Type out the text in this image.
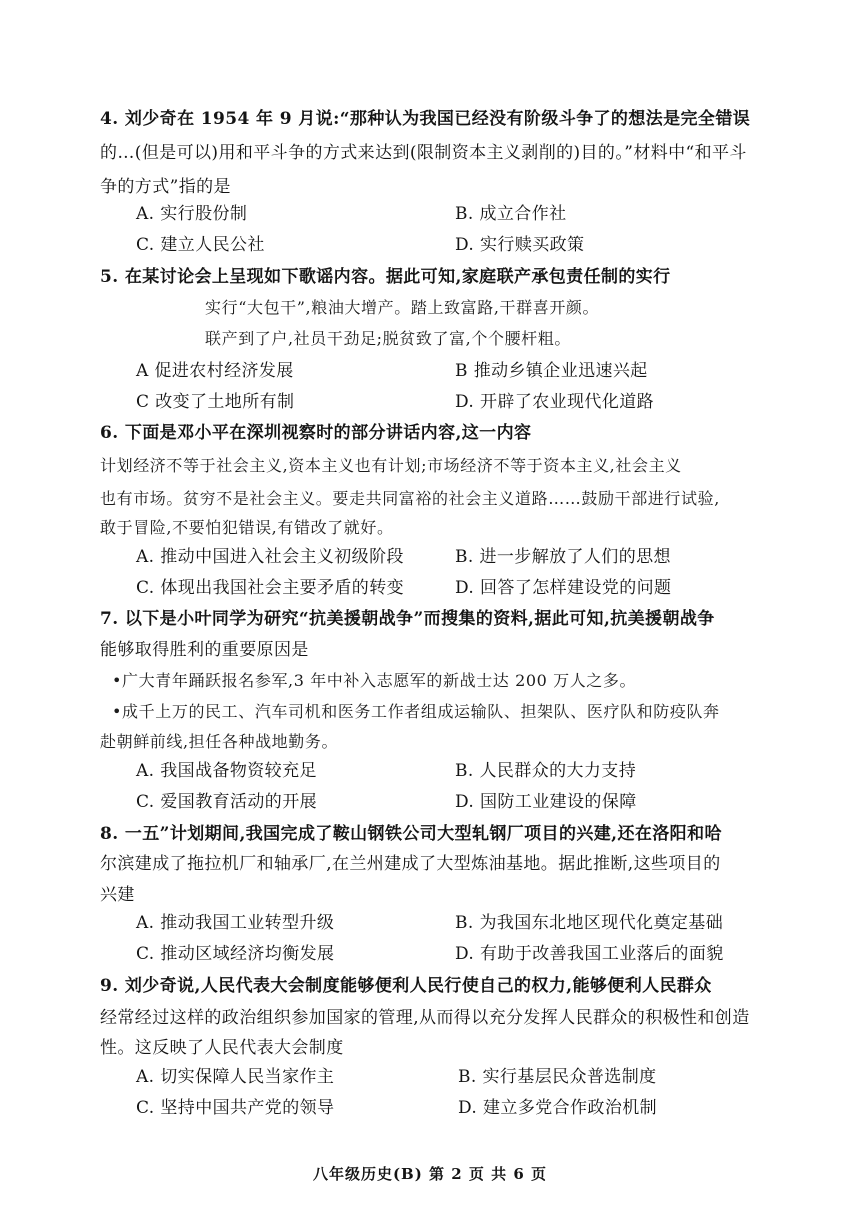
4. 刘少奇在 1954 年 9 月说:“那种认为我国已经没有阶级斗争了的想法是完全错误
的…(但是可以)用和平斗争的方式来达到(限制资本主义剥削的)目的。”材料中“和平斗
争的方式”指的是
A. 实行股份制	B. 成立合作社
C. 建立人民公社	D. 实行赎买政策
5. 在某讨论会上呈现如下歌谣内容。据此可知,家庭联产承包责任制的实行
实行“大包干”,粮油大增产。踏上致富路,干群喜开颜。
联产到了户,社员干劲足;脱贫致了富,个个腰杆粗。
A 促进农村经济发展	B 推动乡镇企业迅速兴起
C 改变了土地所有制	D. 开辟了农业现代化道路
6. 下面是邓小平在深圳视察时的部分讲话内容,这一内容
计划经济不等于社会主义,资本主义也有计划;市场经济不等于资本主义,社会主义
也有市场。贫穷不是社会主义。要走共同富裕的社会主义道路……鼓励干部进行试验,
敢于冒险,不要怕犯错误,有错改了就好。
A. 推动中国进入社会主义初级阶段	B. 进一步解放了人们的思想
C. 体现出我国社会主要矛盾的转变	D. 回答了怎样建设党的问题
7. 以下是小叶同学为研究“抗美援朝战争”而搜集的资料,据此可知,抗美援朝战争
能够取得胜利的重要原因是
•广大青年踊跃报名参军,3 年中补入志愿军的新战士达 200 万人之多。
•成千上万的民工、汽车司机和医务工作者组成运输队、担架队、医疗队和防疫队奔
赴朝鲜前线,担任各种战地勤务。
A. 我国战备物资较充足	B. 人民群众的大力支持
C. 爱国教育活动的开展	D. 国防工业建设的保障
8. 一五”计划期间,我国完成了鞍山钢铁公司大型轧钢厂项目的兴建,还在洛阳和哈
尔滨建成了拖拉机厂和轴承厂,在兰州建成了大型炼油基地。据此推断,这些项目的
兴建
A. 推动我国工业转型升级	B. 为我国东北地区现代化奠定基础
C. 推动区域经济均衡发展	D. 有助于改善我国工业落后的面貌
9. 刘少奇说,人民代表大会制度能够便利人民行使自己的权力,能够便利人民群众
经常经过这样的政治组织参加国家的管理,从而得以充分发挥人民群众的积极性和创造
性。这反映了人民代表大会制度
A. 切实保障人民当家作主	B. 实行基层民众普选制度
C. 坚持中国共产党的领导	D. 建立多党合作政治机制
八年级历史(B) 第 2 页 共 6 页
